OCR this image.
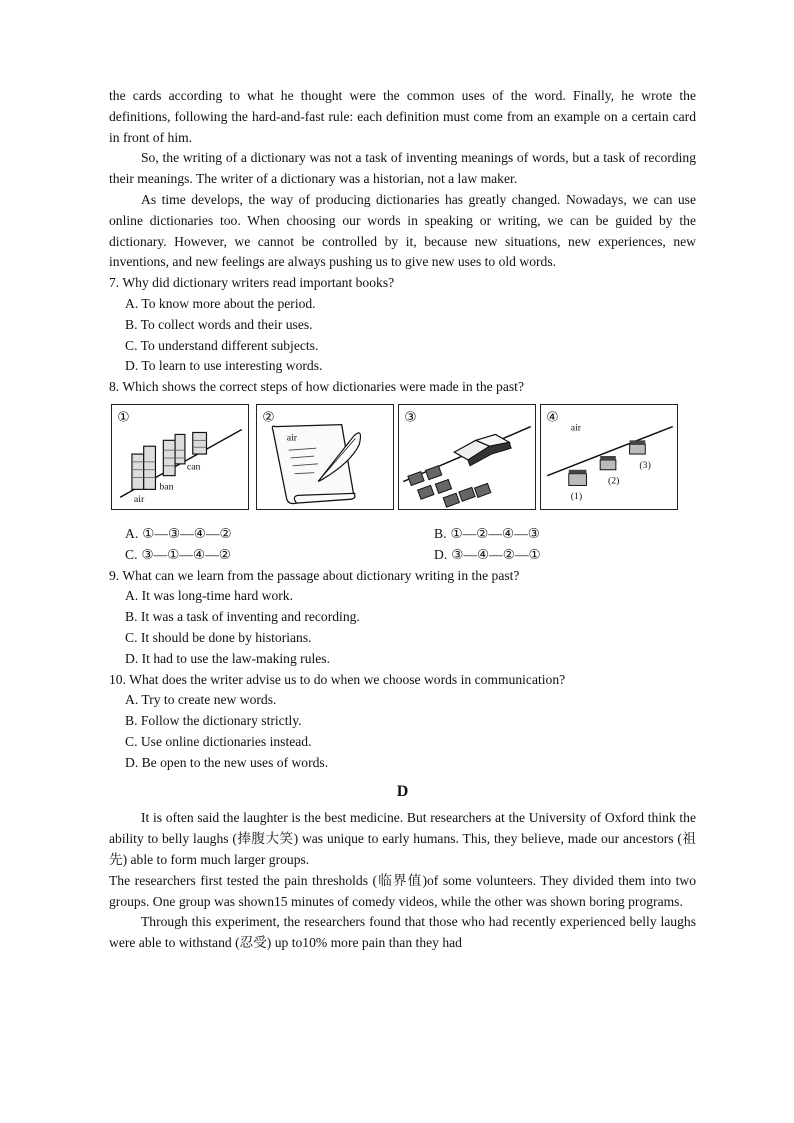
the cards according to what he thought were the common uses of the word. Finally, he wrote the definitions, following the hard-and-fast rule: each definition must come from an example on a certain card in front of him.

So, the writing of a dictionary was not a task of inventing meanings of words, but a task of recording their meanings. The writer of a dictionary was a historian, not a law maker.

As time develops, the way of producing dictionaries has greatly changed. Nowadays, we can use online dictionaries too. When choosing our words in speaking or writing, we can be guided by the dictionary. However, we cannot be controlled by it, because new situations, new experiences, new inventions, and new feelings are always pushing us to give new uses to old words.

7. Why did dictionary writers read important books?

A. To know more about the period.

B. To collect words and their uses.

C. To understand different subjects.

D. To learn to use interesting words.

8. Which shows the correct steps of how dictionaries were made in the past?

①
can
ban
air
②
air
③	④
air
(1)
(2)
(3)
A. ①—③—④—②	B. ①—②—④—③
C. ③—①—④—②	D. ③—④—②—①

9. What can we learn from the passage about dictionary writing in the past?

A. It was long-time hard work.

B. It was a task of inventing and recording.

C. It should be done by historians.

D. It had to use the law-making rules.

10. What does the writer advise us to do when we choose words in communication?

A. Try to create new words.

B. Follow the dictionary strictly.

C. Use online dictionaries instead.

D. Be open to the new uses of words.

D

It is often said the laughter is the best medicine. But researchers at the University of Oxford think the ability to belly laughs (捧腹大笑) was unique to early humans. This, they believe, made our ancestors (祖先) able to form much larger groups.

The researchers first tested the pain thresholds (临界值)of some volunteers. They divided them into two groups. One group was shown15 minutes of comedy videos, while the other was shown boring programs.

Through this experiment, the researchers found that those who had recently experienced belly laughs were able to withstand (忍受) up to10% more pain than they had
